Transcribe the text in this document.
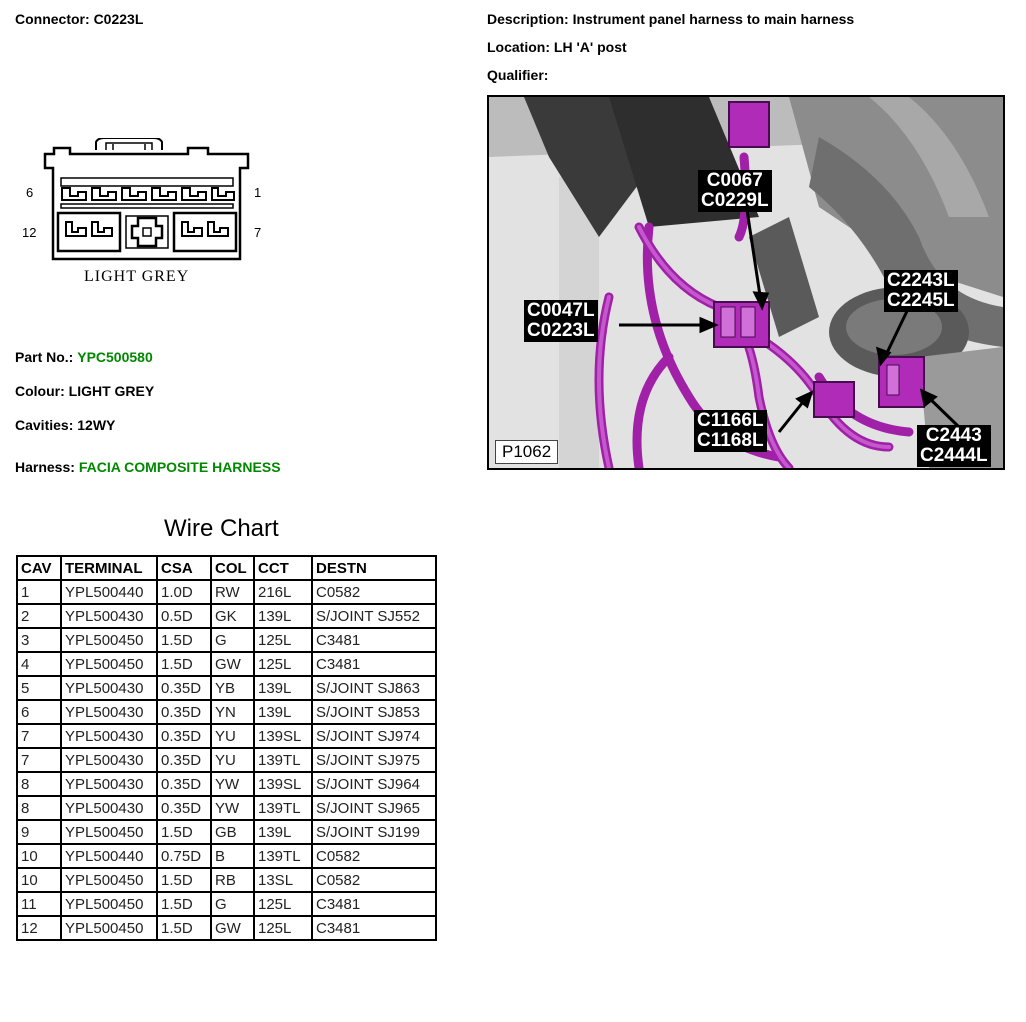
Connector: C0223L	Description: Instrument panel harness to main harness
Location: LH 'A' post
Qualifier:
6	1
12	7
LIGHT GREY
Part No.: YPC500580
Colour: LIGHT GREY
Cavities: 12WY
Harness: FACIA COMPOSITE HARNESS
C0067
C0229L
C0047L
C0223L
C2243L
C2245L
C1166L
C1168L	C2443
C2444L
P1062
Wire Chart
CAV	TERMINAL	CSA	COL	CCT	DESTN
1	YPL500440	1.0D	RW	216L	C0582
2	YPL500430	0.5D	GK	139L	S/JOINT SJ552
3	YPL500450	1.5D	G	125L	C3481
4	YPL500450	1.5D	GW	125L	C3481
5	YPL500430	0.35D	YB	139L	S/JOINT SJ863
6	YPL500430	0.35D	YN	139L	S/JOINT SJ853
7	YPL500430	0.35D	YU	139SL	S/JOINT SJ974
7	YPL500430	0.35D	YU	139TL	S/JOINT SJ975
8	YPL500430	0.35D	YW	139SL	S/JOINT SJ964
8	YPL500430	0.35D	YW	139TL	S/JOINT SJ965
9	YPL500450	1.5D	GB	139L	S/JOINT SJ199
10	YPL500440	0.75D	B	139TL	C0582
10	YPL500450	1.5D	RB	13SL	C0582
11	YPL500450	1.5D	G	125L	C3481
12	YPL500450	1.5D	GW	125L	C3481
